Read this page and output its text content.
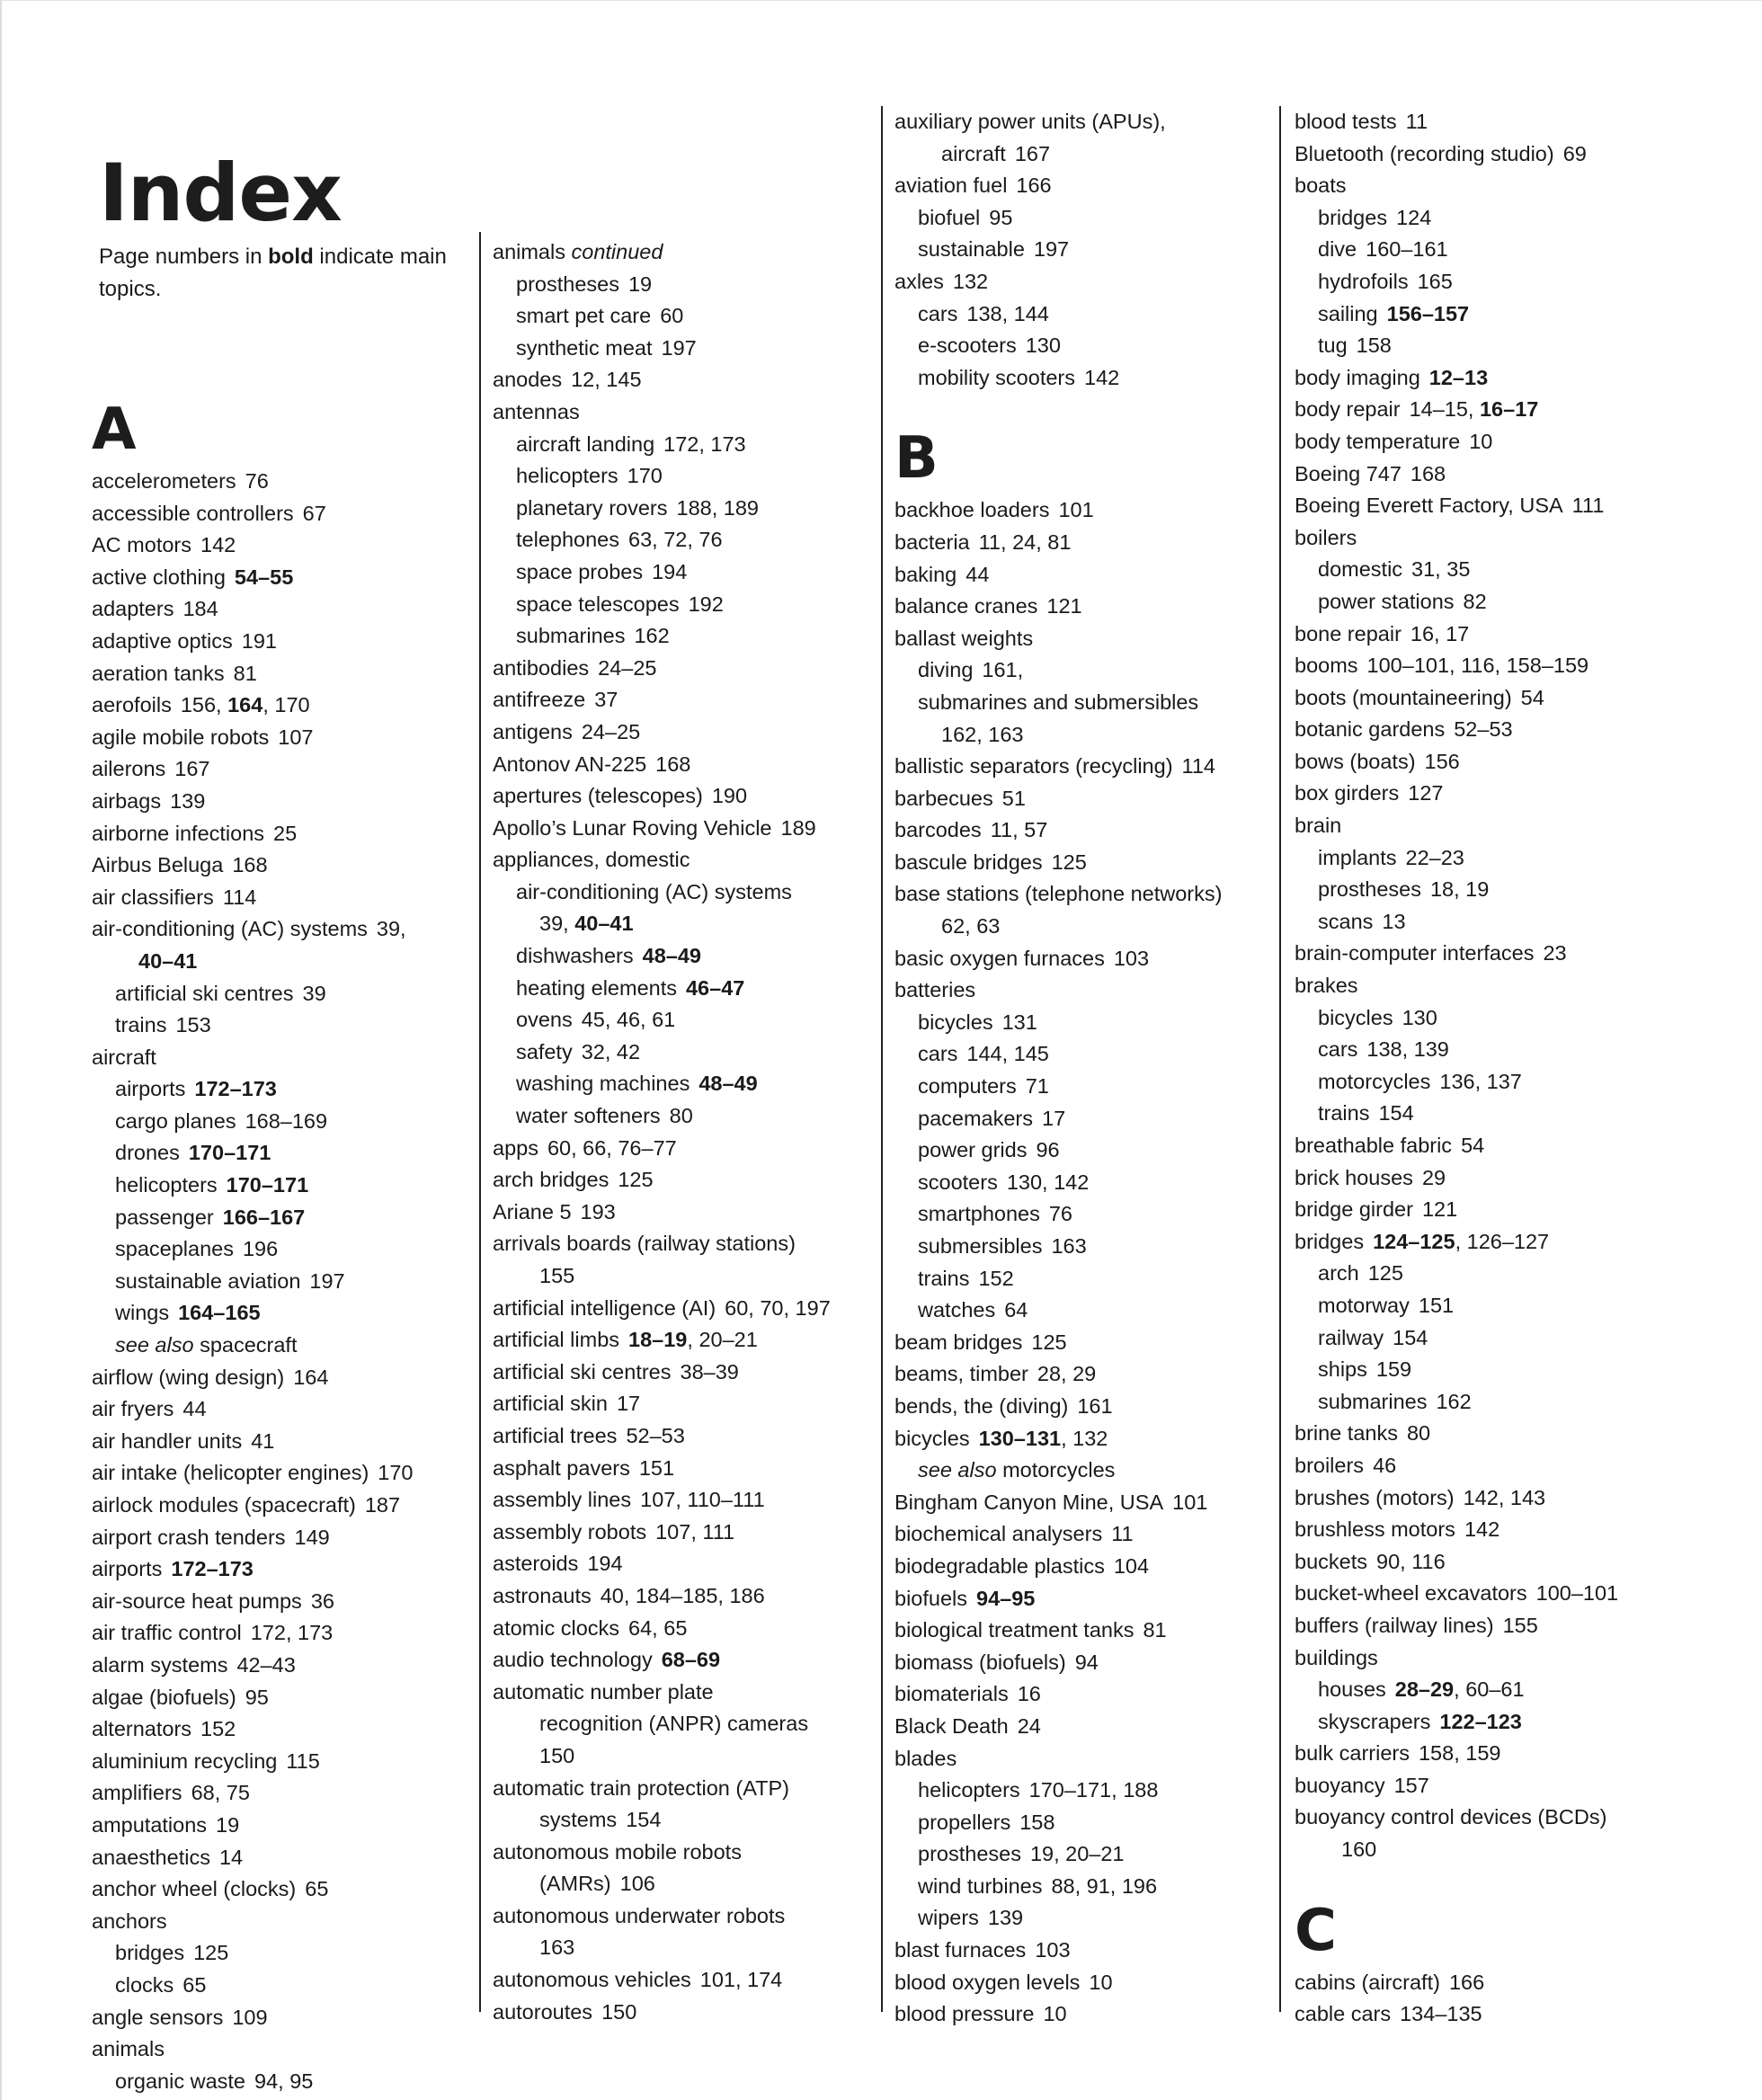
Index
Page numbers in bold indicate main topics.
A
accelerometers 76
accessible controllers 67
AC motors 142
active clothing 54–55
adapters 184
adaptive optics 191
aeration tanks 81
aerofoils 156, 164, 170
agile mobile robots 107
ailerons 167
airbags 139
airborne infections 25
Airbus Beluga 168
air classifiers 114
air-conditioning (AC) systems 39,
40–41
artificial ski centres 39
trains 153
aircraft
airports 172–173
cargo planes 168–169
drones 170–171
helicopters 170–171
passenger 166–167
spaceplanes 196
sustainable aviation 197
wings 164–165
see also spacecraft
airflow (wing design) 164
air fryers 44
air handler units 41
air intake (helicopter engines) 170
airlock modules (spacecraft) 187
airport crash tenders 149
airports 172–173
air-source heat pumps 36
air traffic control 172, 173
alarm systems 42–43
algae (biofuels) 95
alternators 152
aluminium recycling 115
amplifiers 68, 75
amputations 19
anaesthetics 14
anchor wheel (clocks) 65
anchors
bridges 125
clocks 65
angle sensors 109
animals
organic waste 94, 95
animals continued
prostheses 19
smart pet care 60
synthetic meat 197
anodes 12, 145
antennas
aircraft landing 172, 173
helicopters 170
planetary rovers 188, 189
telephones 63, 72, 76
space probes 194
space telescopes 192
submarines 162
antibodies 24–25
antifreeze 37
antigens 24–25
Antonov AN-225 168
apertures (telescopes) 190
Apollo’s Lunar Roving Vehicle 189
appliances, domestic
air-conditioning (AC) systems
39, 40–41
dishwashers 48–49
heating elements 46–47
ovens 45, 46, 61
safety 32, 42
washing machines 48–49
water softeners 80
apps 60, 66, 76–77
arch bridges 125
Ariane 5 193
arrivals boards (railway stations)
155
artificial intelligence (AI) 60, 70, 197
artificial limbs 18–19, 20–21
artificial ski centres 38–39
artificial skin 17
artificial trees 52–53
asphalt pavers 151
assembly lines 107, 110–111
assembly robots 107, 111
asteroids 194
astronauts 40, 184–185, 186
atomic clocks 64, 65
audio technology 68–69
automatic number plate
recognition (ANPR) cameras
150
automatic train protection (ATP)
systems 154
autonomous mobile robots
(AMRs) 106
autonomous underwater robots
163
autonomous vehicles 101, 174
autoroutes 150
auxiliary power units (APUs),
aircraft 167
aviation fuel 166
biofuel 95
sustainable 197
axles 132
cars 138, 144
e-scooters 130
mobility scooters 142
B
backhoe loaders 101
bacteria 11, 24, 81
baking 44
balance cranes 121
ballast weights
diving 161,
submarines and submersibles
162, 163
ballistic separators (recycling) 114
barbecues 51
barcodes 11, 57
bascule bridges 125
base stations (telephone networks)
62, 63
basic oxygen furnaces 103
batteries
bicycles 131
cars 144, 145
computers 71
pacemakers 17
power grids 96
scooters 130, 142
smartphones 76
submersibles 163
trains 152
watches 64
beam bridges 125
beams, timber 28, 29
bends, the (diving) 161
bicycles 130–131, 132
see also motorcycles
Bingham Canyon Mine, USA 101
biochemical analysers 11
biodegradable plastics 104
biofuels 94–95
biological treatment tanks 81
biomass (biofuels) 94
biomaterials 16
Black Death 24
blades
helicopters 170–171, 188
propellers 158
prostheses 19, 20–21
wind turbines 88, 91, 196
wipers 139
blast furnaces 103
blood oxygen levels 10
blood pressure 10
blood tests 11
Bluetooth (recording studio) 69
boats
bridges 124
dive 160–161
hydrofoils 165
sailing 156–157
tug 158
body imaging 12–13
body repair 14–15, 16–17
body temperature 10
Boeing 747 168
Boeing Everett Factory, USA 111
boilers
domestic 31, 35
power stations 82
bone repair 16, 17
booms 100–101, 116, 158–159
boots (mountaineering) 54
botanic gardens 52–53
bows (boats) 156
box girders 127
brain
implants 22–23
prostheses 18, 19
scans 13
brain-computer interfaces 23
brakes
bicycles 130
cars 138, 139
motorcycles 136, 137
trains 154
breathable fabric 54
brick houses 29
bridge girder 121
bridges 124–125, 126–127
arch 125
motorway 151
railway 154
ships 159
submarines 162
brine tanks 80
broilers 46
brushes (motors) 142, 143
brushless motors 142
buckets 90, 116
bucket-wheel excavators 100–101
buffers (railway lines) 155
buildings
houses 28–29, 60–61
skyscrapers 122–123
bulk carriers 158, 159
buoyancy 157
buoyancy control devices (BCDs)
160
C
cabins (aircraft) 166
cable cars 134–135
